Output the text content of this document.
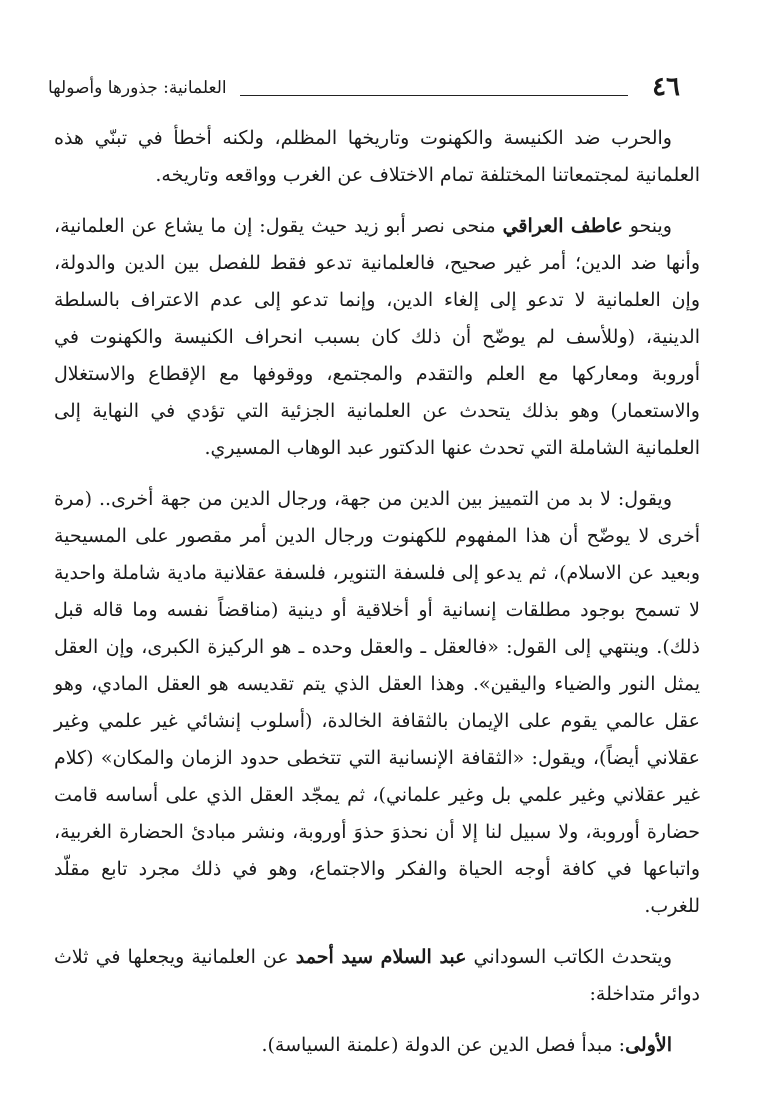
٤٦
العلمانية: جذورها وأصولها

والحرب ضد الكنيسة والكهنوت وتاريخها المظلم، ولكنه أخطأ في تبنّي هذه العلمانية لمجتمعاتنا المختلفة تمام الاختلاف عن الغرب وواقعه وتاريخه.

وينحو عاطف العراقي منحى نصر أبو زيد حيث يقول: إن ما يشاع عن العلمانية، وأنها ضد الدين؛ أمر غير صحيح، فالعلمانية تدعو فقط للفصل بين الدين والدولة، وإن العلمانية لا تدعو إلى إلغاء الدين، وإنما تدعو إلى عدم الاعتراف بالسلطة الدينية، (وللأسف لم يوضّح أن ذلك كان بسبب انحراف الكنيسة والكهنوت في أوروبة ومعاركها مع العلم والتقدم والمجتمع، ووقوفها مع الإقطاع والاستغلال والاستعمار) وهو بذلك يتحدث عن العلمانية الجزئية التي تؤدي في النهاية إلى العلمانية الشاملة التي تحدث عنها الدكتور عبد الوهاب المسيري.

ويقول: لا بد من التمييز بين الدين من جهة، ورجال الدين من جهة أخرى.. (مرة أخرى لا يوضّح أن هذا المفهوم للكهنوت ورجال الدين أمر مقصور على المسيحية وبعيد عن الاسلام)، ثم يدعو إلى فلسفة التنوير، فلسفة عقلانية مادية شاملة واحدية لا تسمح بوجود مطلقات إنسانية أو أخلاقية أو دينية (مناقضاً نفسه وما قاله قبل ذلك). وينتهي إلى القول: «فالعقل ـ والعقل وحده ـ هو الركيزة الكبرى، وإن العقل يمثل النور والضياء واليقين». وهذا العقل الذي يتم تقديسه هو العقل المادي، وهو عقل عالمي يقوم على الإيمان بالثقافة الخالدة، (أسلوب إنشائي غير علمي وغير عقلاني أيضاً)، ويقول: «الثقافة الإنسانية التي تتخطى حدود الزمان والمكان» (كلام غير عقلاني وغير علمي بل وغير علماني)، ثم يمجّد العقل الذي على أساسه قامت حضارة أوروبة، ولا سبيل لنا إلا أن نحذوَ حذوَ أوروبة، ونشر مبادئ الحضارة الغربية، واتباعها في كافة أوجه الحياة والفكر والاجتماع، وهو في ذلك مجرد تابع مقلّد للغرب.

ويتحدث الكاتب السوداني عبد السلام سيد أحمد عن العلمانية ويجعلها في ثلاث دوائر متداخلة:

الأولى: مبدأ فصل الدين عن الدولة (علمنة السياسة).
